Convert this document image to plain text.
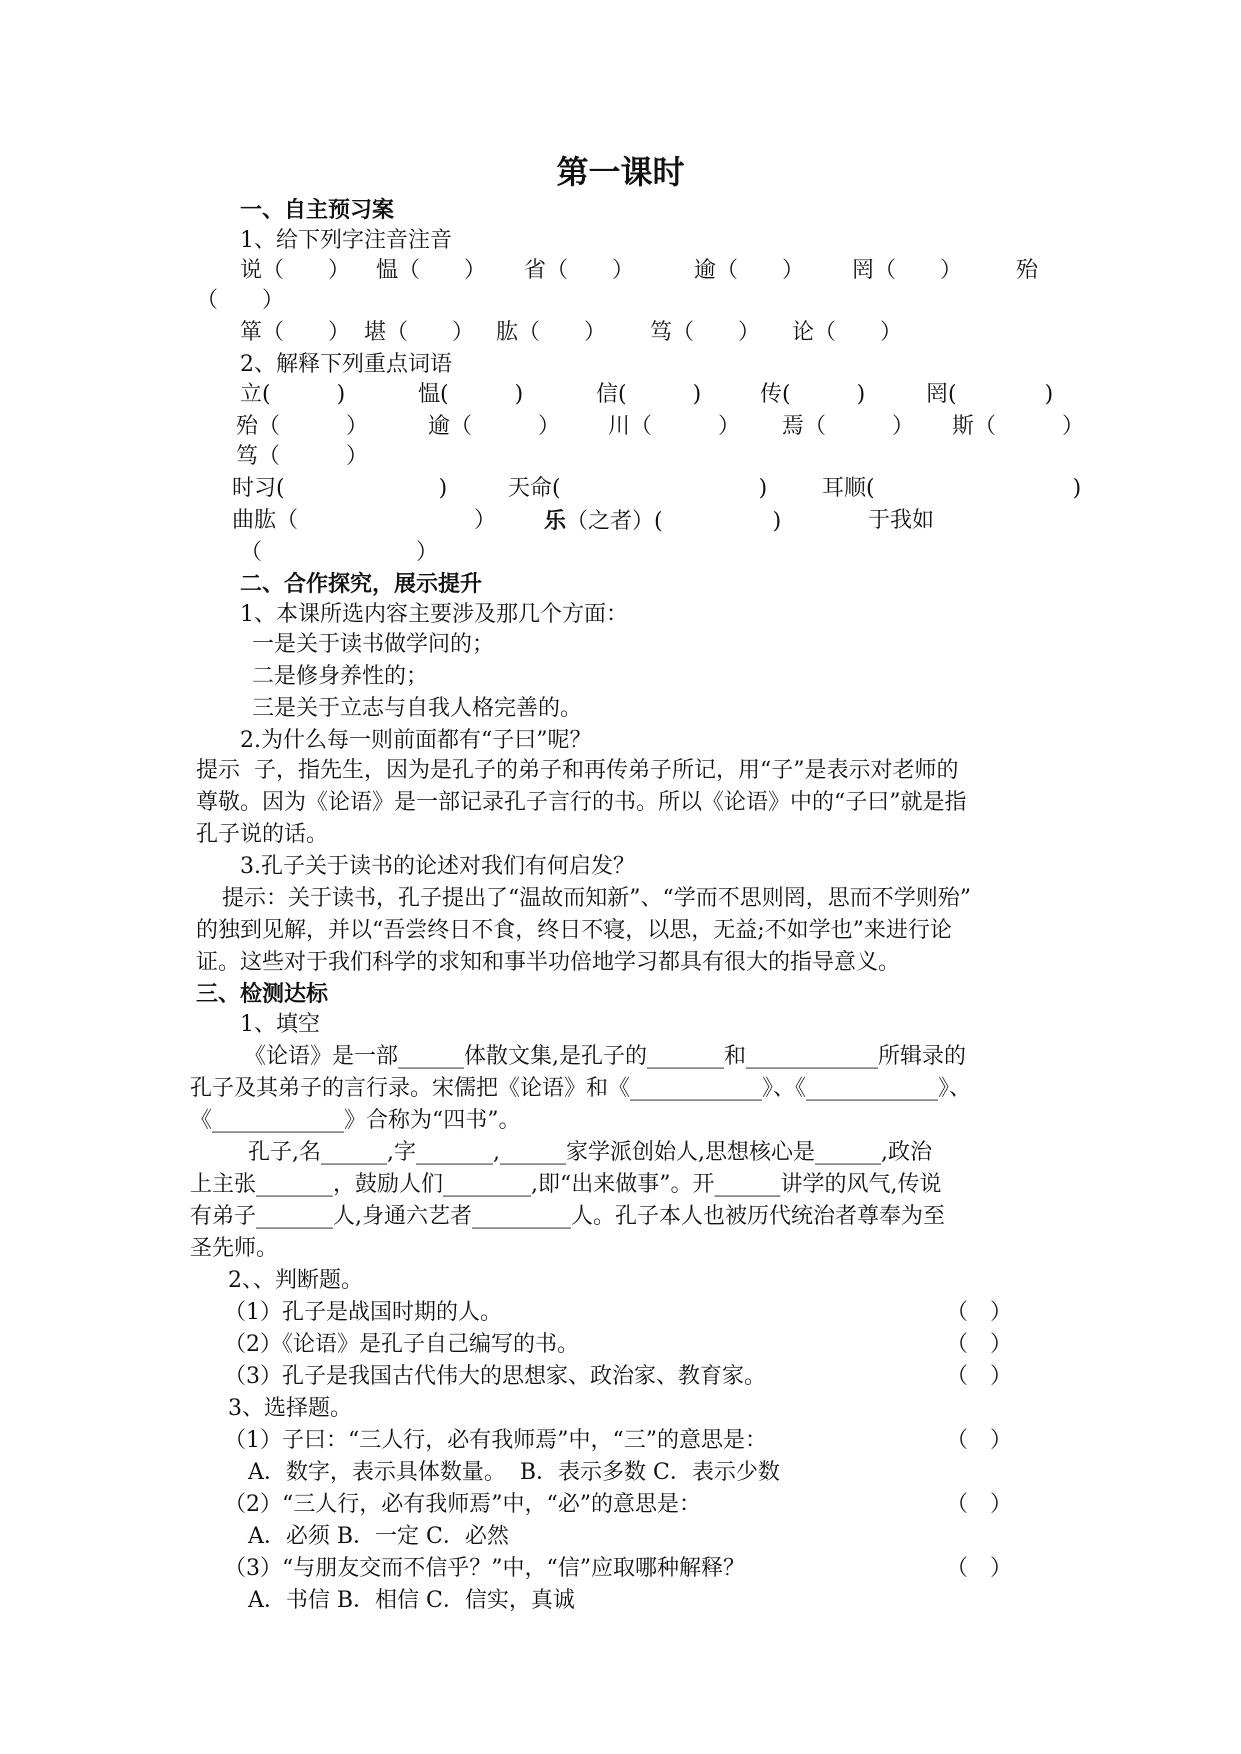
第一课时
一、自主预习案
1、给下列字注音注音

说（　　）

愠（　　）

省（　　）

	逾（　　）

罔（　　）

殆

（　　）

箪（　　）

堪（　　）

肱（　　）

笃（　　）

论（　　）

2、解释下列重点词语

立(　　　)

	愠(　　　)

	信(　　　)

	传(　　　)

	罔(　　　　)

殆（　　　）

	逾（　　　）

川（　　　）

焉（　　　）

斯（　　　）

笃（　　　）

时习(　　　　　　　)

	天命(　　　　　　　　　)

耳顺(　　　　　　　　　)

曲肱（　　　　　　　　）

乐（之者）(　　　　　)

	于我如

（　　　　　　　）
二、合作探究，展示提升
1、本课所选内容主要涉及那几个方面：
一是关于读书做学问的；
二是修身养性的；
三是关于立志与自我人格完善的。
2.为什么每一则前面都有“子曰”呢？
提示  子，指先生，因为是孔子的弟子和再传弟子所记，用“子”是表示对老师的
尊敬。因为《论语》是一部记录孔子言行的书。所以《论语》中的“子曰”就是指
孔子说的话。
3.孔子关于读书的论述对我们有何启发？
提示：关于读书，孔子提出了“温故而知新”、“学而不思则罔，思而不学则殆”
的独到见解，并以“吾尝终日不食，终日不寝，以思，无益;不如学也”来进行论
证。这些对于我们科学的求知和事半功倍地学习都具有很大的指导意义。
三、检测达标
1、填空
《论语》是一部______体散文集,是孔子的_______和____________所辑录的
孔子及其弟子的言行录。宋儒把《论语》和《____________》、《____________》、
《____________》合称为“四书”。
孔子,名______,字_______,______家学派创始人,思想核心是______,政治
上主张_______，鼓励人们________,即“出来做事”。开______讲学的风气,传说
有弟子_______人,身通六艺者_________人。孔子本人也被历代统治者尊奉为至
圣先师。
2、、判断题。
（1）孔子是战国时期的人。	（　）
（2）《论语》是孔子自己编写的书。	（　）
（3）孔子是我国古代伟大的思想家、政治家、教育家。	（　）
3、选择题。
（1）子曰：“三人行，必有我师焉”中，“三”的意思是：	（　）
A．数字，表示具体数量。  B．表示多数 C．表示少数
（2）“三人行，必有我师焉”中，“必”的意思是：	（　）
A．必须 B．一定 C．必然
（3）“与朋友交而不信乎？”中，“信”应取哪种解释？	（　）
A．书信 B．相信 C．信实，真诚
